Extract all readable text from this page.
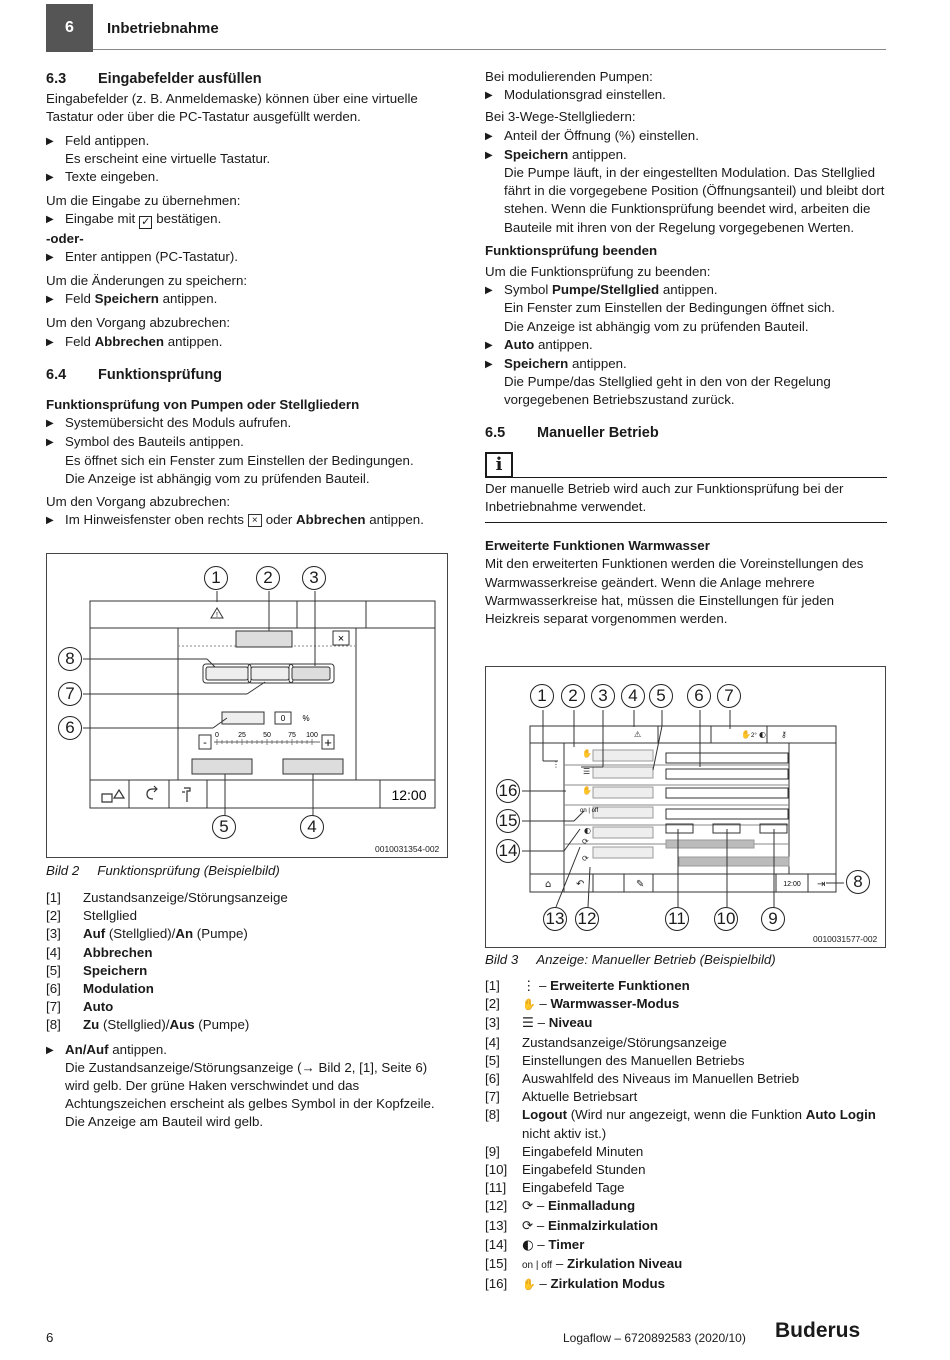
6	Inbetriebnahme
6.3	Eingabefelder ausfüllen

Eingabefelder (z. B. Anmeldemaske) können über eine virtuelle Tastatur oder über die PC-Tastatur ausgefüllt werden.

▶ Feld antippen.
Es erscheint eine virtuelle Tastatur.
▶ Texte eingeben.

Um die Eingabe zu übernehmen:

▶ Eingabe mit ✓ bestätigen.

-oder-

▶ Enter antippen (PC-Tastatur).

Um die Änderungen zu speichern:

▶ Feld Speichern antippen.

Um den Vorgang abzubrechen:

▶ Feld Abbrechen antippen.
6.4	Funktionsprüfung

Funktionsprüfung von Pumpen oder Stellgliedern

▶ Systemübersicht des Moduls aufrufen.
▶ Symbol des Bauteils antippen.
Es öffnet sich ein Fenster zum Einstellen der Bedingungen.
Die Anzeige ist abhängig vom zu prüfenden Bauteil.

Um den Vorgang abzubrechen:

▶ Im Hinweisfenster oben rechts × oder Abbrechen antippen.
!
×
0 %
-	+
0	25 50 75 100
12:00
1	2	3
8
7
6
5	4
0010031354-002
Bild 2 Funktionsprüfung (Beispielbild)
[1]	Zustandsanzeige/Störungsanzeige
[2]	Stellglied
[3]	Auf (Stellglied)/An (Pumpe)
[4]	Abbrechen
[5]	Speichern
[6]	Modulation
[7]	Auto
[8]	Zu (Stellglied)/Aus (Pumpe)
▶ An/Auf antippen.
Die Zustandsanzeige/Störungsanzeige (→ Bild 2, [1], Seite 6) wird gelb. Der grüne Haken verschwindet und das
Achtungszeichen erscheint als gelbes Symbol in der Kopfzeile.
Die Anzeige am Bauteil wird gelb.

Bei modulierenden Pumpen:

▶ Modulationsgrad einstellen.

Bei 3-Wege-Stellgliedern:

▶ Anteil der Öffnung (%) einstellen.
▶ Speichern antippen.
Die Pumpe läuft, in der eingestellten Modulation. Das Stellglied fährt in die vorgegebene Position (Öffnungsanteil) und bleibt dort stehen. Wenn die Funktionsprüfung beendet wird, arbeiten die Bauteile mit ihren von der Regelung vorgegebenen Werten.

Funktionsprüfung beenden

Um die Funktionsprüfung zu beenden:

▶ Symbol Pumpe/Stellglied antippen.
Ein Fenster zum Einstellen der Bedingungen öffnet sich.
Die Anzeige ist abhängig vom zu prüfenden Bauteil.
▶ Auto antippen.
▶ Speichern antippen.
Die Pumpe/das Stellglied geht in den von der Regelung vorgegebenen Betriebszustand zurück.
6.5	Manueller Betrieb
i

Der manuelle Betrieb wird auch zur Funktionsprüfung bei der Inbetriebnahme verwendet.

Erweiterte Funktionen Warmwasser

Mit den erweiterten Funktionen werden die Voreinstellungen des Warmwasserkreise geändert. Wenn die Anlage mehrere Warmwasserkreise hat, müssen die Einstellungen für jeden Heizkreis separat vorgenommen werden.

⋮
✋
☰
✋
◐
⟳
⟳
⚠
⌂ ↶	✎	⇥
✋ ◐ ⚷
on | off
2°
12:00
1	2	3	4	5	6	7
8
9
10
11
12
13
14
15
16
0010031577-002
Bild 3 Anzeige: Manueller Betrieb (Beispielbild)
[1]	⋮ – Erweiterte Funktionen
[2]	✋ – Warmwasser-Modus
[3]	☰ – Niveau
[4]	Zustandsanzeige/Störungsanzeige
[5]	Einstellungen des Manuellen Betriebs
[6]	Auswahlfeld des Niveaus im Manuellen Betrieb
[7]	Aktuelle Betriebsart
[8]	Logout (Wird nur angezeigt, wenn die Funktion Auto Login nicht aktiv ist.)
[9]	Eingabefeld Minuten
[10]	Eingabefeld Stunden
[11]	Eingabefeld Tage
[12]	⟳ – Einmalladung
[13]	⟳ – Einmalzirkulation
[14]	◐ – Timer
[15]	on | off – Zirkulation Niveau
[16]	✋ – Zirkulation Modus
6	Logaflow – 6720892583 (2020/10) Buderus
